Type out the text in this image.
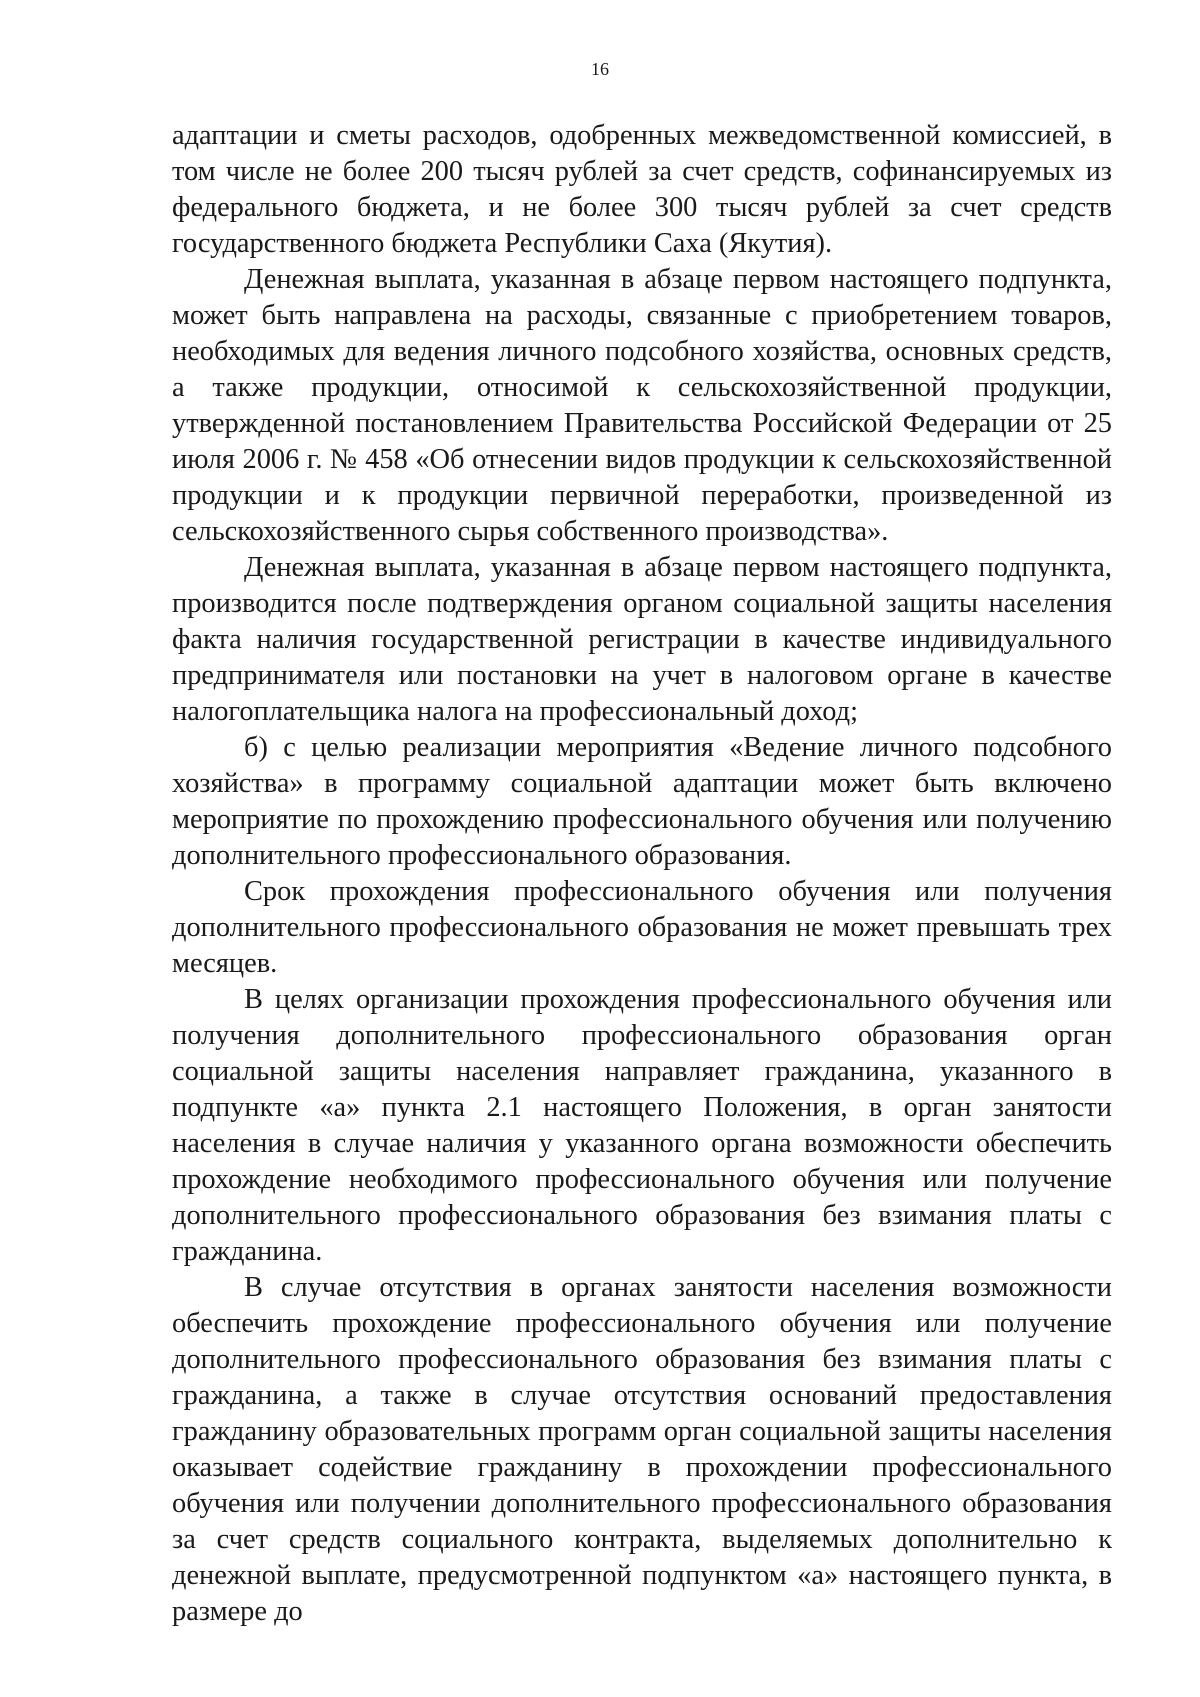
16

адаптации и сметы расходов, одобренных межведомственной комиссией, в том числе не более 200 тысяч рублей за счет средств, софинансируемых из федерального бюджета, и не более 300 тысяч рублей за счет средств государственного бюджета Республики Саха (Якутия).

Денежная выплата, указанная в абзаце первом настоящего подпункта, может быть направлена на расходы, связанные с приобретением товаров, необходимых для ведения личного подсобного хозяйства, основных средств, а также продукции, относимой к сельскохозяйственной продукции, утвержденной постановлением Правительства Российской Федерации от 25 июля 2006 г. № 458 «Об отнесении видов продукции к сельскохозяйственной продукции и к продукции первичной переработки, произведенной из сельскохозяйственного сырья собственного производства».

Денежная выплата, указанная в абзаце первом настоящего подпункта, производится после подтверждения органом социальной защиты населения факта наличия государственной регистрации в качестве индивидуального предпринимателя или постановки на учет в налоговом органе в качестве налогоплательщика налога на профессиональный доход;

б) с целью реализации мероприятия «Ведение личного подсобного хозяйства» в программу социальной адаптации может быть включено мероприятие по прохождению профессионального обучения или получению дополнительного профессионального образования.

Срок прохождения профессионального обучения или получения дополнительного профессионального образования не может превышать трех месяцев.

В целях организации прохождения профессионального обучения или получения дополнительного профессионального образования орган социальной защиты населения направляет гражданина, указанного в подпункте «а» пункта 2.1 настоящего Положения, в орган занятости населения в случае наличия у указанного органа возможности обеспечить прохождение необходимого профессионального обучения или получение дополнительного профессионального образования без взимания платы с гражданина.

В случае отсутствия в органах занятости населения возможности обеспечить прохождение профессионального обучения или получение дополнительного профессионального образования без взимания платы с гражданина, а также в случае отсутствия оснований предоставления гражданину образовательных программ орган социальной защиты населения оказывает содействие гражданину в прохождении профессионального обучения или получении дополнительного профессионального образования за счет средств социального контракта, выделяемых дополнительно к денежной выплате, предусмотренной подпунктом «а» настоящего пункта, в размере до
